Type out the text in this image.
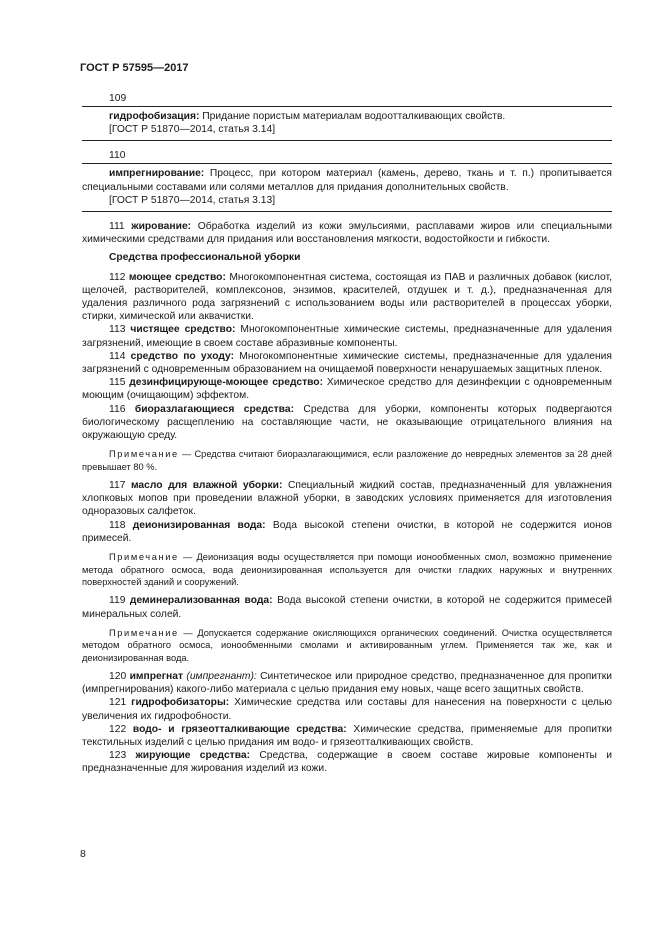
ГОСТ Р 57595—2017
109

гидрофобизация: Придание пористым материалам водоотталкивающих свойств.

[ГОСТ Р 51870—2014, статья 3.14]

110

импрегнирование: Процесс, при котором материал (камень, дерево, ткань и т. п.) пропитывается специальными составами или солями металлов для придания дополнительных свойств.

[ГОСТ Р 51870—2014, статья 3.13]

111 жирование: Обработка изделий из кожи эмульсиями, расплавами жиров или специальными химическими средствами для придания или восстановления мягкости, водостойкости и гибкости.

Средства профессиональной уборки

112 моющее средство: Многокомпонентная система, состоящая из ПАВ и различных добавок (кислот, щелочей, растворителей, комплексонов, энзимов, красителей, отдушек и т. д.), предназначенная для удаления различного рода загрязнений с использованием воды или растворителей в процессах уборки, стирки, химической или аквачистки.

113 чистящее средство: Многокомпонентные химические системы, предназначенные для удаления загрязнений, имеющие в своем составе абразивные компоненты.

114 средство по уходу: Многокомпонентные химические системы, предназначенные для удаления загрязнений с одновременным образованием на очищаемой поверхности ненарушаемых защитных пленок.

115 дезинфицирующе-моющее средство: Химическое средство для дезинфекции с одновременным моющим (очищающим) эффектом.

116 биоразлагающиеся средства: Средства для уборки, компоненты которых подвергаются биологическому расщеплению на составляющие части, не оказывающие отрицательного влияния на окружающую среду.

Примечание — Средства считают биоразлагающимися, если разложение до невредных элементов за 28 дней превышает 80 %.

117 масло для влажной уборки: Специальный жидкий состав, предназначенный для увлажнения хлопковых мопов при проведении влажной уборки, в заводских условиях применяется для изготовления одноразовых салфеток.

118 деионизированная вода: Вода высокой степени очистки, в которой не содержится ионов примесей.

Примечание — Деионизация воды осуществляется при помощи ионообменных смол, возможно применение метода обратного осмоса, вода деионизированная используется для очистки гладких наружных и внутренних поверхностей зданий и сооружений.

119 деминерализованная вода: Вода высокой степени очистки, в которой не содержится примесей минеральных солей.

Примечание — Допускается содержание окисляющихся органических соединений. Очистка осуществляется методом обратного осмоса, ионообменными смолами и активированным углем. Применяется так же, как и деионизированная вода.

120 импрегнат (импрегнант): Синтетическое или природное средство, предназначенное для пропитки (импрегнирования) какого-либо материала с целью придания ему новых, чаще всего защитных свойств.

121 гидрофобизаторы: Химические средства или составы для нанесения на поверхности с целью увеличения их гидрофобности.

122 водо- и грязеотталкивающие средства: Химические средства, применяемые для пропитки текстильных изделий с целью придания им водо- и грязеотталкивающих свойств.

123 жирующие средства: Средства, содержащие в своем составе жировые компоненты и предназначенные для жирования изделий из кожи.

8
